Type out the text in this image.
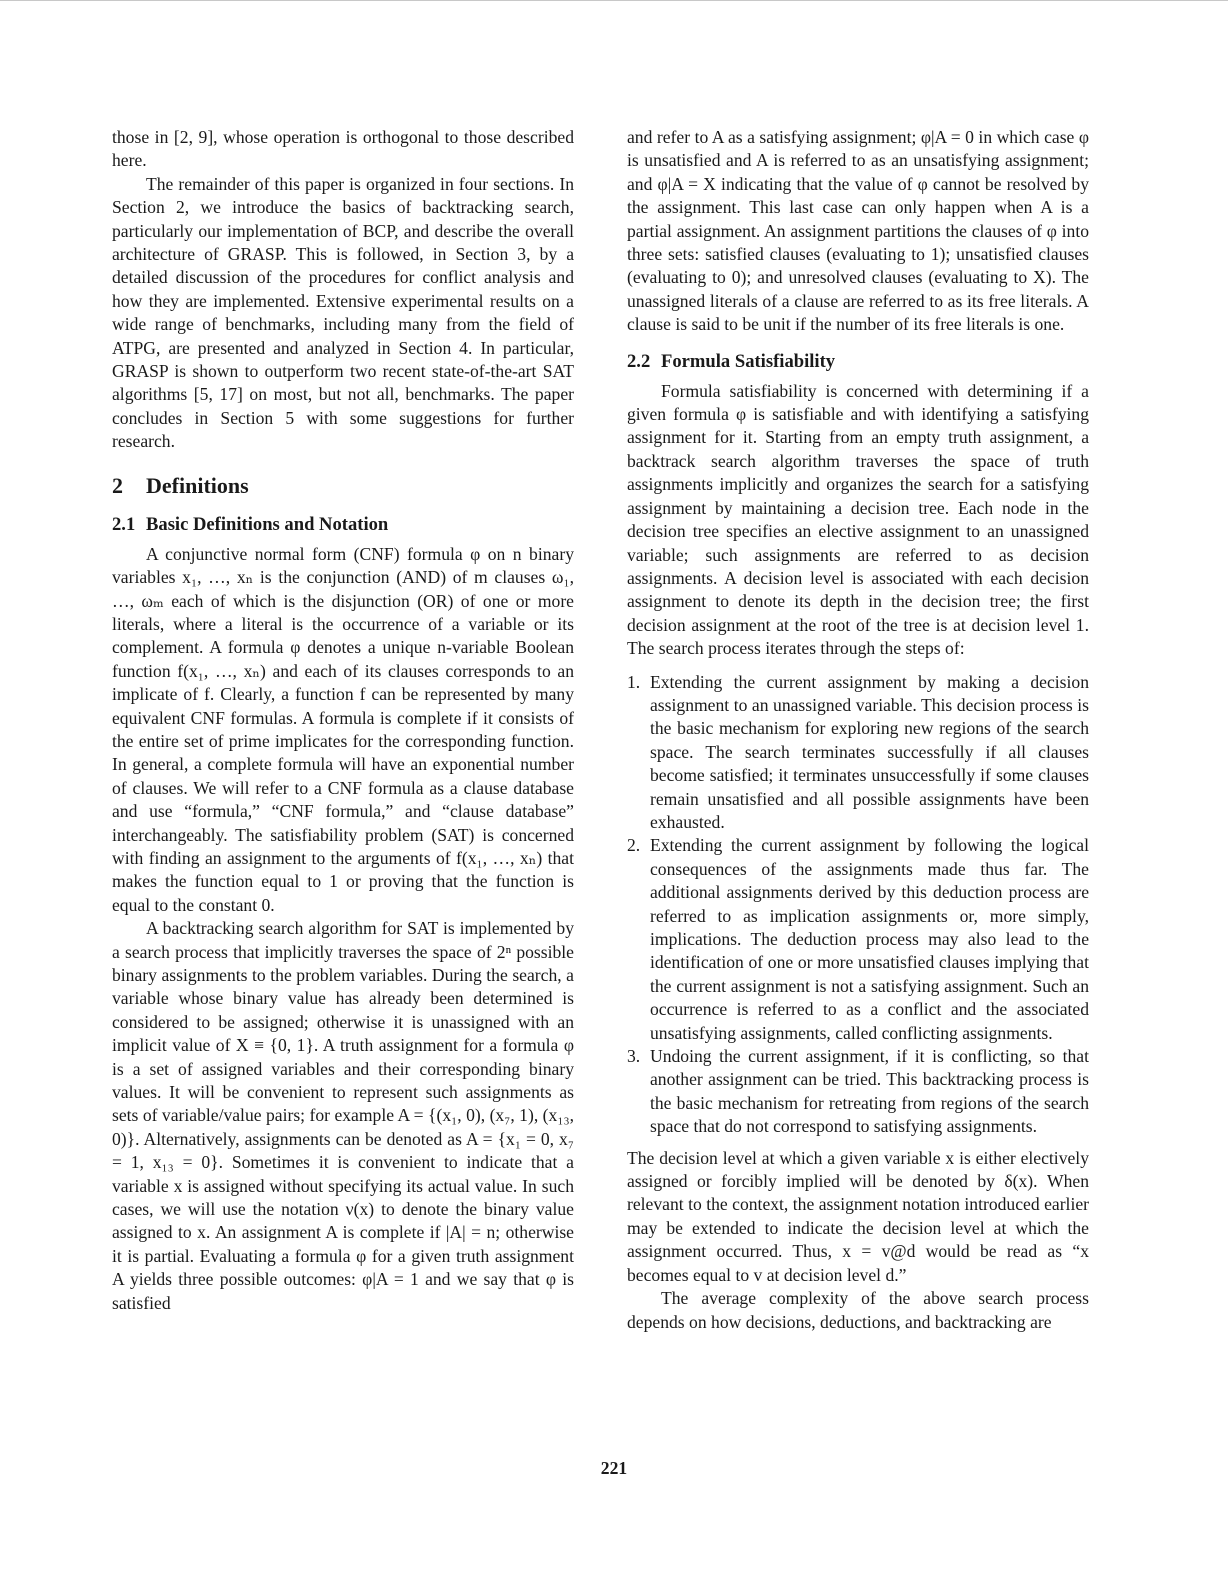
those in [2, 9], whose operation is orthogonal to those described here.

The remainder of this paper is organized in four sections. In Section 2, we introduce the basics of backtracking search, particularly our implementation of BCP, and describe the overall architecture of GRASP. This is followed, in Section 3, by a detailed discussion of the procedures for conflict analysis and how they are implemented. Extensive experimental results on a wide range of benchmarks, including many from the field of ATPG, are presented and analyzed in Section 4. In particular, GRASP is shown to outperform two recent state-of-the-art SAT algorithms [5, 17] on most, but not all, benchmarks. The paper concludes in Section 5 with some suggestions for further research.

2 Definitions
2.1 Basic Definitions and Notation

A conjunctive normal form (CNF) formula φ on n binary variables x₁, …, xₙ is the conjunction (AND) of m clauses ω₁, …, ωₘ each of which is the disjunction (OR) of one or more literals, where a literal is the occurrence of a variable or its complement. A formula φ denotes a unique n-variable Boolean function f(x₁, …, xₙ) and each of its clauses corresponds to an implicate of f. Clearly, a function f can be represented by many equivalent CNF formulas. A formula is complete if it consists of the entire set of prime implicates for the corresponding function. In general, a complete formula will have an exponential number of clauses. We will refer to a CNF formula as a clause database and use “formula,” “CNF formula,” and “clause database” interchangeably. The satisfiability problem (SAT) is concerned with finding an assignment to the arguments of f(x₁, …, xₙ) that makes the function equal to 1 or proving that the function is equal to the constant 0.

A backtracking search algorithm for SAT is implemented by a search process that implicitly traverses the space of 2ⁿ possible binary assignments to the problem variables. During the search, a variable whose binary value has already been determined is considered to be assigned; otherwise it is unassigned with an implicit value of X ≡ {0, 1}. A truth assignment for a formula φ is a set of assigned variables and their corresponding binary values. It will be convenient to represent such assignments as sets of variable/value pairs; for example A = {(x₁, 0), (x₇, 1), (x₁₃, 0)}. Alternatively, assignments can be denoted as A = {x₁ = 0, x₇ = 1, x₁₃ = 0}. Sometimes it is convenient to indicate that a variable x is assigned without specifying its actual value. In such cases, we will use the notation ν(x) to denote the binary value assigned to x. An assignment A is complete if |A| = n; otherwise it is partial. Evaluating a formula φ for a given truth assignment A yields three possible outcomes: φ|A = 1 and we say that φ is satisfied

and refer to A as a satisfying assignment; φ|A = 0 in which case φ is unsatisfied and A is referred to as an unsatisfying assignment; and φ|A = X indicating that the value of φ cannot be resolved by the assignment. This last case can only happen when A is a partial assignment. An assignment partitions the clauses of φ into three sets: satisfied clauses (evaluating to 1); unsatisfied clauses (evaluating to 0); and unresolved clauses (evaluating to X). The unassigned literals of a clause are referred to as its free literals. A clause is said to be unit if the number of its free literals is one.

2.2 Formula Satisfiability

Formula satisfiability is concerned with determining if a given formula φ is satisfiable and with identifying a satisfying assignment for it. Starting from an empty truth assignment, a backtrack search algorithm traverses the space of truth assignments implicitly and organizes the search for a satisfying assignment by maintaining a decision tree. Each node in the decision tree specifies an elective assignment to an unassigned variable; such assignments are referred to as decision assignments. A decision level is associated with each decision assignment to denote its depth in the decision tree; the first decision assignment at the root of the tree is at decision level 1. The search process iterates through the steps of:

1. Extending the current assignment by making a decision assignment to an unassigned variable. This decision process is the basic mechanism for exploring new regions of the search space. The search terminates successfully if all clauses become satisfied; it terminates unsuccessfully if some clauses remain unsatisfied and all possible assignments have been exhausted.
2. Extending the current assignment by following the logical consequences of the assignments made thus far. The additional assignments derived by this deduction process are referred to as implication assignments or, more simply, implications. The deduction process may also lead to the identification of one or more unsatisfied clauses implying that the current assignment is not a satisfying assignment. Such an occurrence is referred to as a conflict and the associated unsatisfying assignments, called conflicting assignments.
3. Undoing the current assignment, if it is conflicting, so that another assignment can be tried. This backtracking process is the basic mechanism for retreating from regions of the search space that do not correspond to satisfying assignments.

The decision level at which a given variable x is either electively assigned or forcibly implied will be denoted by δ(x). When relevant to the context, the assignment notation introduced earlier may be extended to indicate the decision level at which the assignment occurred. Thus, x = v@d would be read as “x becomes equal to v at decision level d.”

The average complexity of the above search process depends on how decisions, deductions, and backtracking are

221
